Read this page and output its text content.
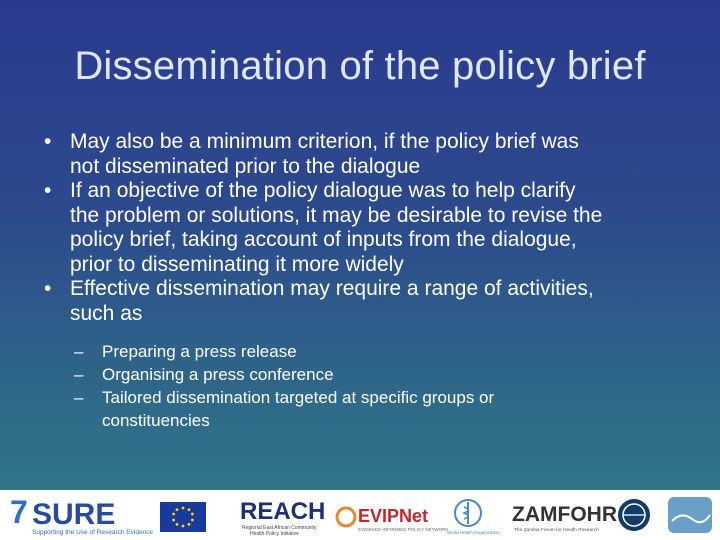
Dissemination of the policy brief
• May also be a minimum criterion, if the policy brief was
not disseminated prior to the dialogue
• If an objective of the policy dialogue was to help clarify
the problem or solutions, it may be desirable to revise the
policy brief, taking account of inputs from the dialogue,
prior to disseminating it more widely
• Effective dissemination may require a range of activities,
such as
– Preparing a press release
– Organising a press conference
– Tailored dissemination targeted at specific groups or
constituencies
7 SURE
Supporting the Use of Research Evidence
REACH
Regional East African Community
Health Policy Initiative
EVIPNet
EVIDENCE-INFORMED POLICY NETWORK
World Health Organization
ZAMFOHR
The Zambia Forum for Health Research
